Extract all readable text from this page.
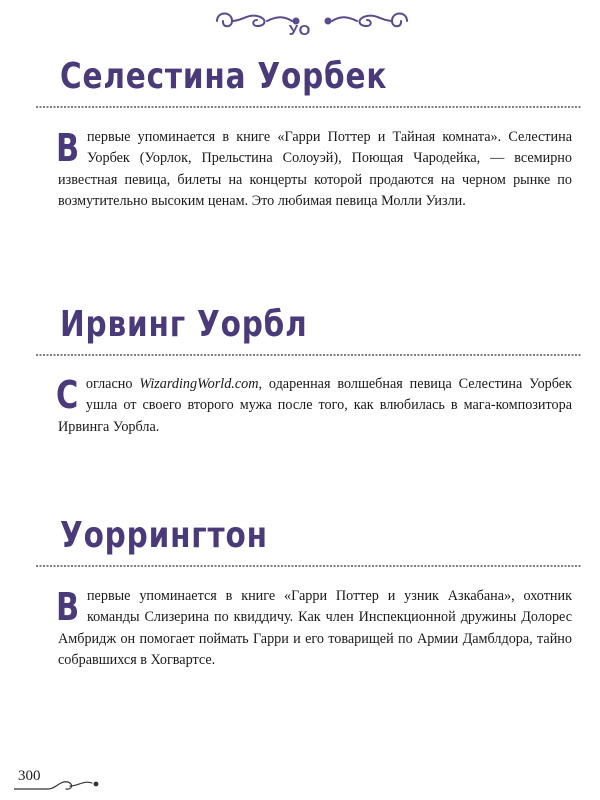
УО
Селестина Уорбек
Впервые упоминается в книге «Гарри Поттер и Тайная комната». Селестина Уорбек (Уорлок, Прельстина Солоуэй), Поющая Чародейка, — всемирно известная певица, билеты на концерты которой продаются на черном рынке по возмутительно высоким ценам. Это любимая певица Молли Уизли.
Ирвинг Уорбл
Согласно WizardingWorld.com, одаренная волшебная певица Селестина Уорбек ушла от своего второго мужа после того, как влюбилась в мага-композитора Ирвинга Уорбла.
Уоррингтон
Впервые упоминается в книге «Гарри Поттер и узник Азкабана», охотник команды Слизерина по квиддичу. Как член Инспекционной дружины Долорес Амбридж он помогает поймать Гарри и его товарищей по Армии Дамблдора, тайно собравшихся в Хогвартсе.
300
